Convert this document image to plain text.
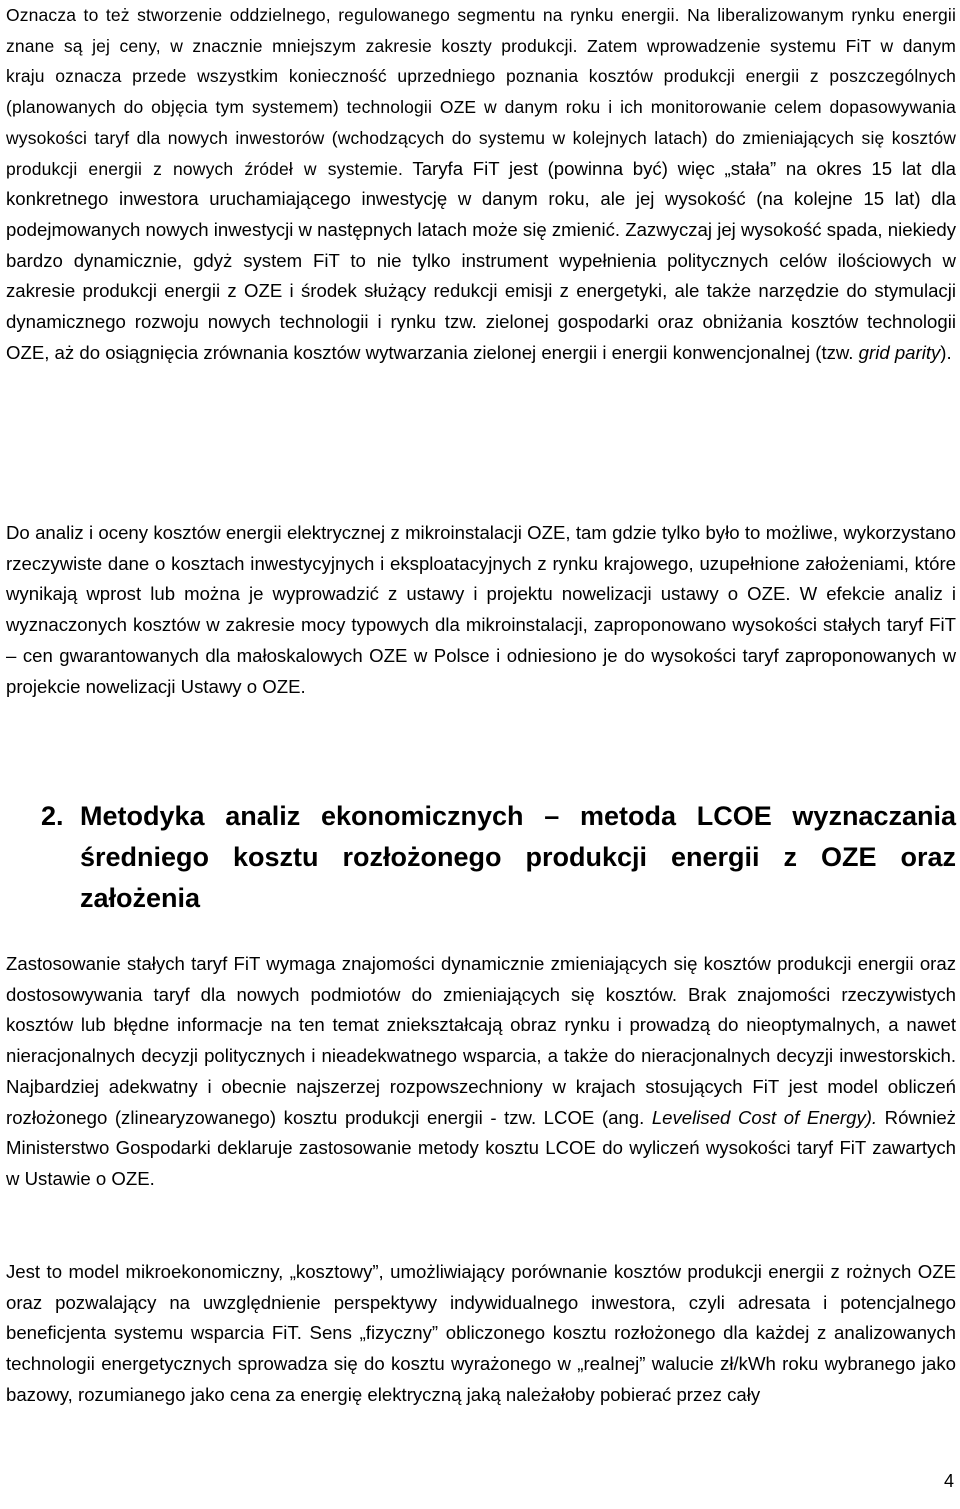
Oznacza to też stworzenie oddzielnego, regulowanego segmentu na rynku energii. Na liberalizowanym rynku energii znane są jej ceny, w znacznie mniejszym zakresie koszty produkcji. Zatem wprowadzenie systemu FiT w danym kraju oznacza przede wszystkim konieczność uprzedniego poznania kosztów produkcji energii z poszczególnych (planowanych do objęcia tym systemem) technologii OZE w danym roku i ich monitorowanie celem dopasowywania wysokości taryf dla nowych inwestorów (wchodzących do systemu w kolejnych latach) do zmieniających się kosztów produkcji energii z nowych źródeł w systemie. Taryfa FiT jest (powinna być) więc „stała” na okres 15 lat dla konkretnego inwestora uruchamiającego inwestycję w danym roku, ale jej wysokość (na kolejne 15 lat) dla podejmowanych nowych inwestycji w następnych latach może się zmienić. Zazwyczaj jej wysokość spada, niekiedy bardzo dynamicznie, gdyż system FiT to nie tylko instrument wypełnienia politycznych celów ilościowych w zakresie produkcji energii z OZE i środek służący redukcji emisji z energetyki, ale także narzędzie do stymulacji dynamicznego rozwoju nowych technologii i rynku tzw. zielonej gospodarki oraz obniżania kosztów technologii OZE, aż do osiągnięcia zrównania kosztów wytwarzania zielonej energii i energii konwencjonalnej (tzw. grid parity).

Do analiz i oceny kosztów energii elektrycznej z mikroinstalacji OZE, tam gdzie tylko było to możliwe, wykorzystano rzeczywiste dane o kosztach inwestycyjnych i eksploatacyjnych z rynku krajowego, uzupełnione założeniami, które wynikają wprost lub można je wyprowadzić z ustawy i projektu nowelizacji ustawy o OZE. W efekcie analiz i wyznaczonych kosztów w zakresie mocy typowych dla mikroinstalacji, zaproponowano wysokości stałych taryf FiT – cen gwarantowanych dla małoskalowych OZE w Polsce i odniesiono je do wysokości taryf zaproponowanych w projekcie nowelizacji Ustawy o OZE.

2. Metodyka analiz ekonomicznych – metoda LCOE wyznaczania średniego kosztu rozłożonego produkcji energii z OZE oraz założenia

Zastosowanie stałych taryf FiT wymaga znajomości dynamicznie zmieniających się kosztów produkcji energii oraz dostosowywania taryf dla nowych podmiotów do zmieniających się kosztów. Brak znajomości rzeczywistych kosztów lub błędne informacje na ten temat zniekształcają obraz rynku i prowadzą do nieoptymalnych, a nawet nieracjonalnych decyzji politycznych i nieadekwatnego wsparcia, a także do nieracjonalnych decyzji inwestorskich. Najbardziej adekwatny i obecnie najszerzej rozpowszechniony w krajach stosujących FiT jest model obliczeń rozłożonego (zlinearyzowanego) kosztu produkcji energii - tzw. LCOE (ang. Levelised Cost of Energy). Również Ministerstwo Gospodarki deklaruje zastosowanie metody kosztu LCOE do wyliczeń wysokości taryf FiT zawartych w Ustawie o OZE.

Jest to model mikroekonomiczny, „kosztowy”, umożliwiający porównanie kosztów produkcji energii z rożnych OZE oraz pozwalający na uwzględnienie perspektywy indywidualnego inwestora, czyli adresata i potencjalnego beneficjenta systemu wsparcia FiT. Sens „fizyczny” obliczonego kosztu rozłożonego dla każdej z analizowanych technologii energetycznych sprowadza się do kosztu wyrażonego w „realnej” walucie zł/kWh roku wybranego jako bazowy, rozumianego jako cena za energię elektryczną jaką należałoby pobierać przez cały

4
